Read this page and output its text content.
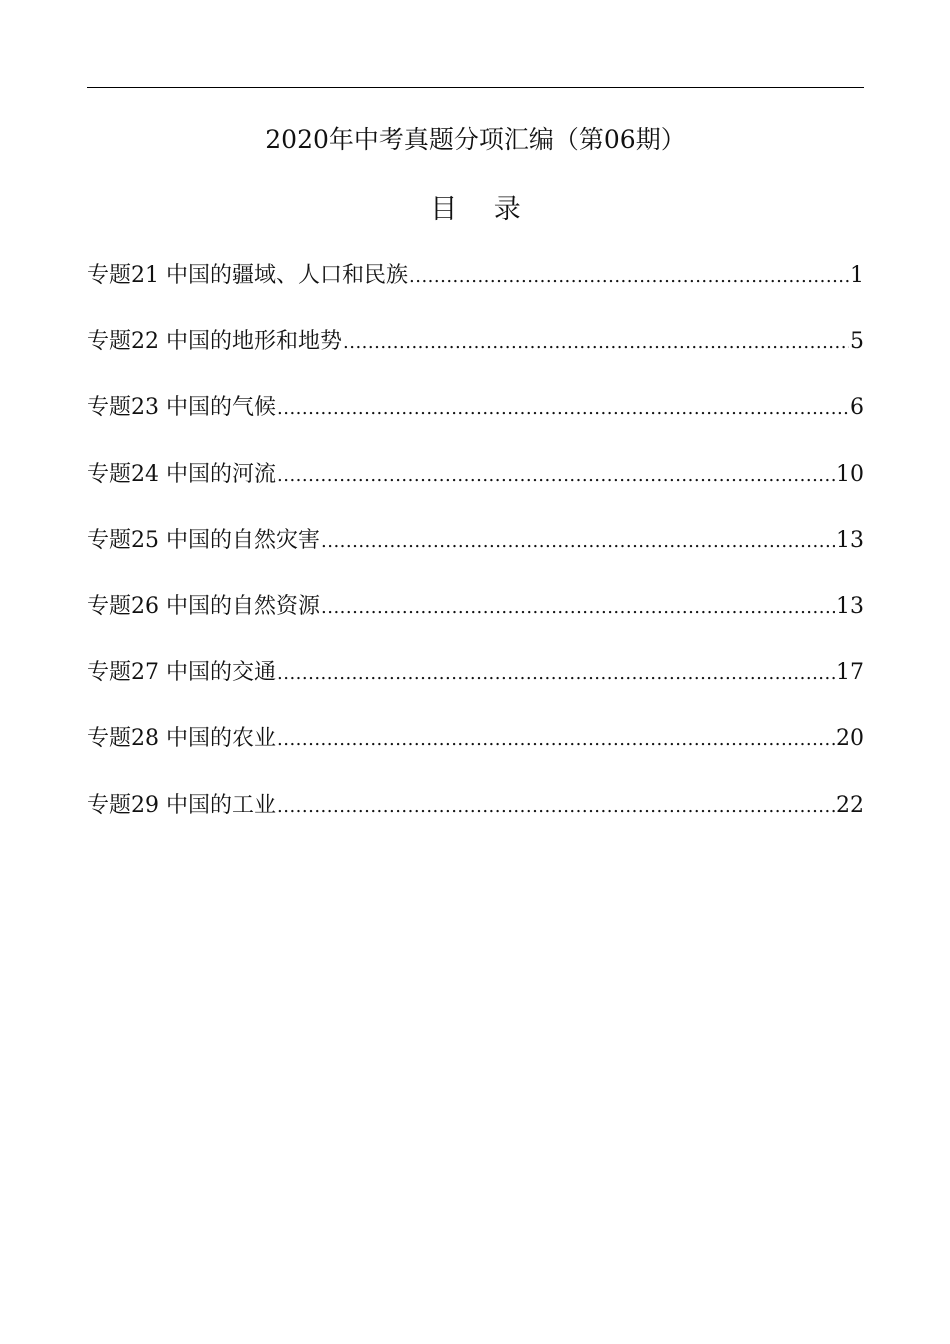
2020年中考真题分项汇编（第06期）
目 录
专题21 中国的疆域、人口和民族 .....	1
专题22 中国的地形和地势 .....	5
专题23 中国的气候 .....	6
专题24 中国的河流 .....	10
专题25 中国的自然灾害 .....	13
专题26 中国的自然资源 .....	13
专题27 中国的交通 .....	17
专题28 中国的农业 .....	20
专题29 中国的工业 .....	22
